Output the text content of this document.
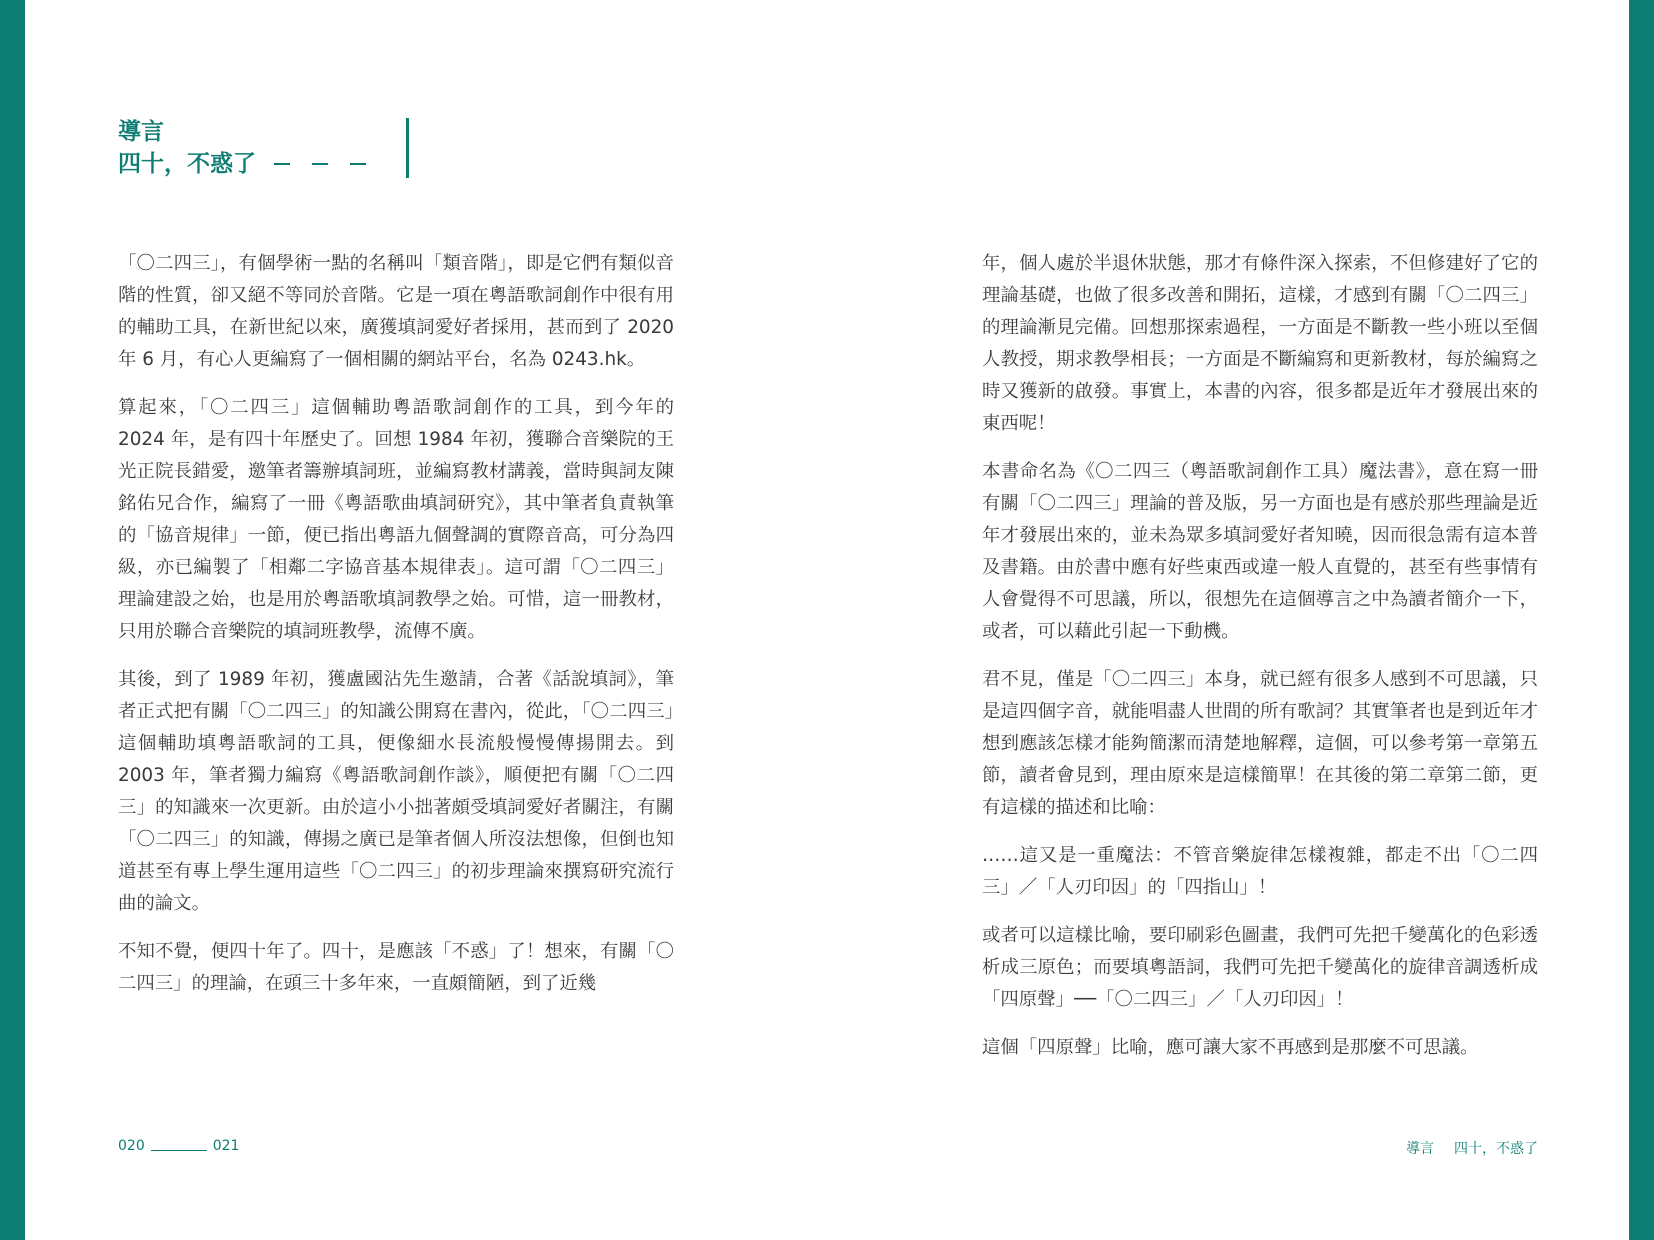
導言
四十，不惑了

「〇二四三」，有個學術一點的名稱叫「類音階」，即是它們有類似音階的性質，卻又絕不等同於音階。它是一項在粵語歌詞創作中很有用的輔助工具，在新世紀以來，廣獲填詞愛好者採用，甚而到了 2020 年 6 月，有心人更編寫了一個相關的網站平台，名為 0243.hk。

算起來，「〇二四三」這個輔助粵語歌詞創作的工具，到今年的 2024 年，是有四十年歷史了。回想 1984 年初，獲聯合音樂院的王光正院長錯愛，邀筆者籌辦填詞班，並編寫教材講義，當時與詞友陳銘佑兄合作，編寫了一冊《粵語歌曲填詞研究》，其中筆者負責執筆的「協音規律」一節，便已指出粵語九個聲調的實際音高，可分為四級，亦已編製了「相鄰二字協音基本規律表」。這可謂「〇二四三」理論建設之始，也是用於粵語歌填詞教學之始。可惜，這一冊教材，只用於聯合音樂院的填詞班教學，流傳不廣。

其後，到了 1989 年初，獲盧國沾先生邀請，合著《話說填詞》，筆者正式把有關「〇二四三」的知識公開寫在書內，從此，「〇二四三」這個輔助填粵語歌詞的工具，便像細水長流般慢慢傳揚開去。到 2003 年，筆者獨力編寫《粵語歌詞創作談》，順便把有關「〇二四三」的知識來一次更新。由於這小小拙著頗受填詞愛好者關注，有關「〇二四三」的知識，傳揚之廣已是筆者個人所沒法想像，但倒也知道甚至有專上學生運用這些「〇二四三」的初步理論來撰寫研究流行曲的論文。

不知不覺，便四十年了。四十，是應該「不惑」了！想來，有關「〇二四三」的理論，在頭三十多年來，一直頗簡陋，到了近幾

年，個人處於半退休狀態，那才有條件深入探索，不但修建好了它的理論基礎，也做了很多改善和開拓，這樣，才感到有關「〇二四三」的理論漸見完備。回想那探索過程，一方面是不斷教一些小班以至個人教授，期求教學相長；一方面是不斷編寫和更新教材，每於編寫之時又獲新的啟發。事實上，本書的內容，很多都是近年才發展出來的東西呢！

本書命名為《〇二四三（粵語歌詞創作工具）魔法書》，意在寫一冊有關「〇二四三」理論的普及版，另一方面也是有感於那些理論是近年才發展出來的，並未為眾多填詞愛好者知曉，因而很急需有這本普及書籍。由於書中應有好些東西或違一般人直覺的，甚至有些事情有人會覺得不可思議，所以，很想先在這個導言之中為讀者簡介一下，或者，可以藉此引起一下動機。

君不見，僅是「〇二四三」本身，就已經有很多人感到不可思議，只是這四個字音，就能唱盡人世間的所有歌詞？其實筆者也是到近年才想到應該怎樣才能夠簡潔而清楚地解釋，這個，可以參考第一章第五節，讀者會見到，理由原來是這樣簡單！在其後的第二章第二節，更有這樣的描述和比喻：

……這又是一重魔法：不管音樂旋律怎樣複雜，都走不出「〇二四三」／「人刃印因」的「四指山」！

或者可以這樣比喻，要印刷彩色圖畫，我們可先把千變萬化的色彩透析成三原色；而要填粵語詞，我們可先把千變萬化的旋律音調透析成「四原聲」──「〇二四三」／「人刃印因」！

這個「四原聲」比喻，應可讓大家不再感到是那麼不可思議。

020	021	導言 四十，不惑了
